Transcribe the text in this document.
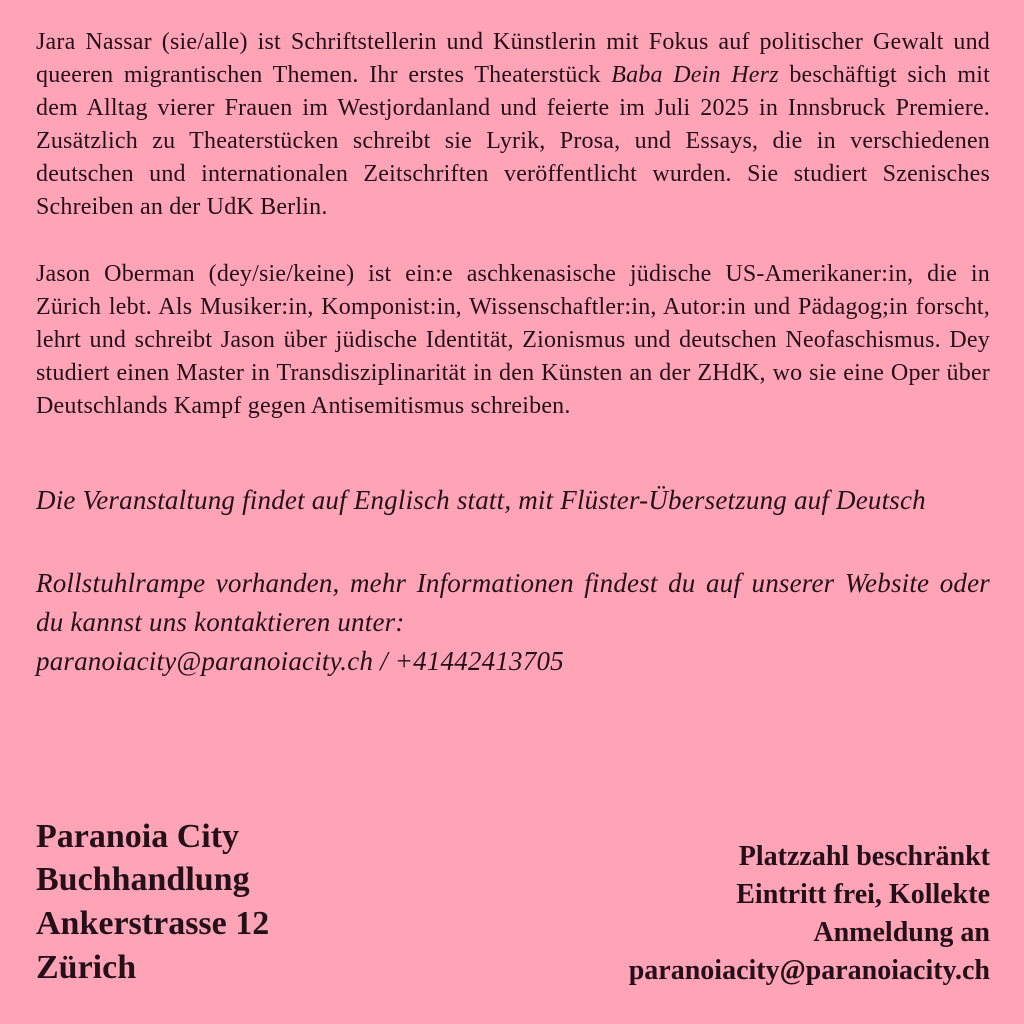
Jara Nassar (sie/alle) ist Schriftstellerin und Künstlerin mit Fokus auf politischer Gewalt und queeren migrantischen Themen. Ihr erstes Theaterstück Baba Dein Herz beschäftigt sich mit dem Alltag vierer Frauen im Westjordanland und feierte im Juli 2025 in Innsbruck Premiere. Zusätzlich zu Theaterstücken schreibt sie Lyrik, Prosa, und Essays, die in verschiedenen deutschen und internationalen Zeitschriften veröffentlicht wurden. Sie studiert Szenisches Schreiben an der UdK Berlin.

Jason Oberman (dey/sie/keine) ist ein:e aschkenasische jüdische US-Amerikaner:in, die in Zürich lebt. Als Musiker:in, Komponist:in, Wissenschaftler:in, Autor:in und Pädagog;in forscht, lehrt und schreibt Jason über jüdische Identität, Zionismus und deutschen Neofaschismus. Dey studiert einen Master in Transdisziplinarität in den Künsten an der ZHdK, wo sie eine Oper über Deutschlands Kampf gegen Antisemitismus schreiben.

Die Veranstaltung findet auf Englisch statt, mit Flüster-Übersetzung auf Deutsch

Rollstuhlrampe vorhanden, mehr Informationen findest du auf unserer Website oder du kannst uns kontaktieren unter:
paranoiacity@paranoiacity.ch / +41442413705
Paranoia City
Buchhandlung
Ankerstrasse 12
Zürich
Platzzahl beschränkt
Eintritt frei, Kollekte
Anmeldung an
paranoiacity@paranoiacity.ch
